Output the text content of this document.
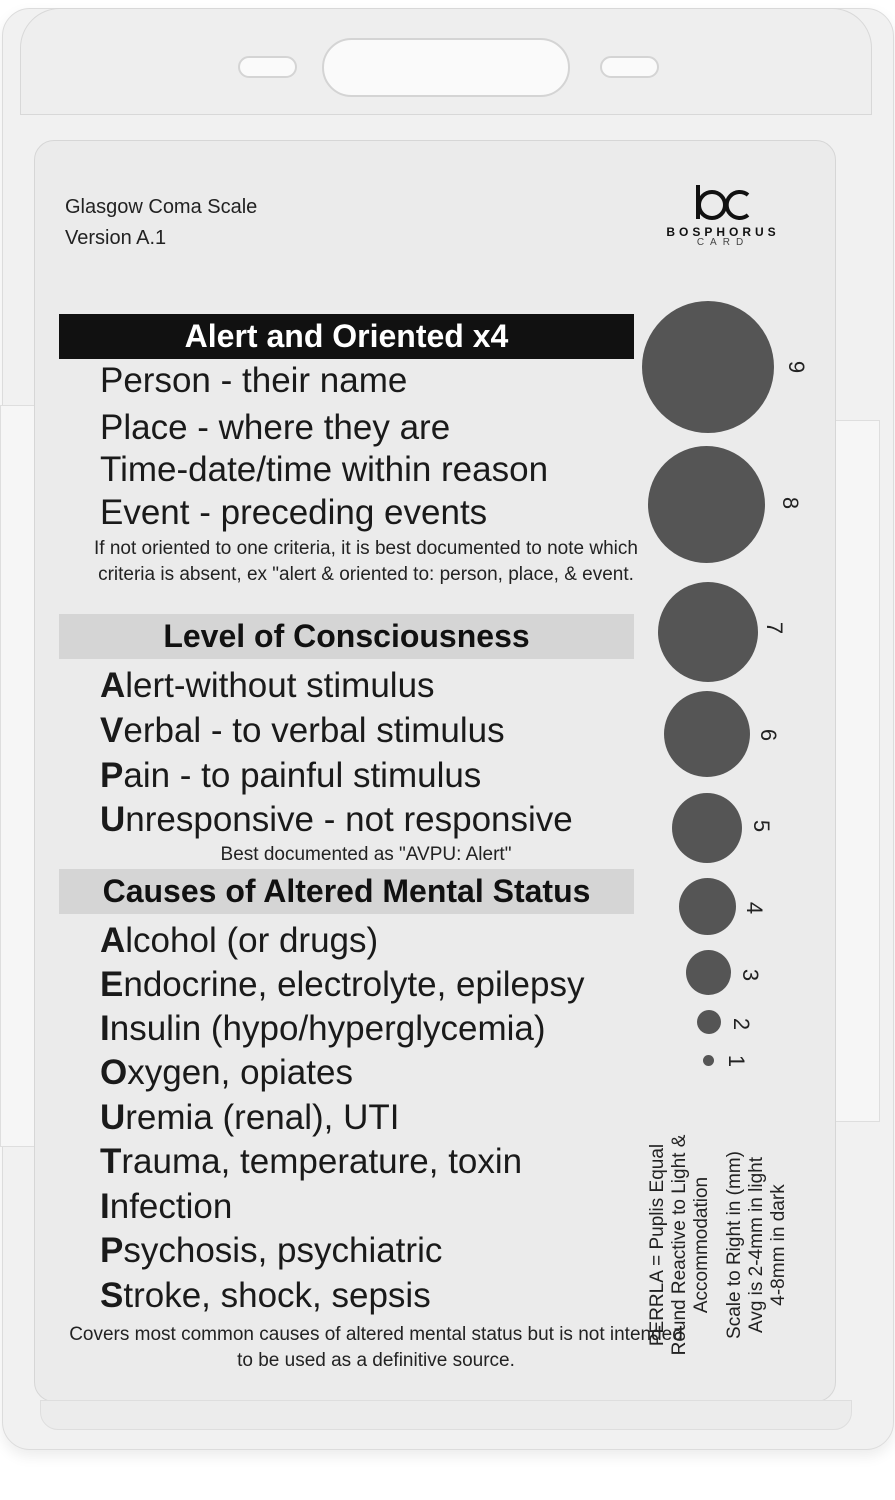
Glasgow Coma Scale
Version A.1	BOSPHORUS
CARD
Alert and Oriented x4
Person - their name
Place - where they are
Time-date/time within reason
Event - preceding events
If not oriented to one criteria, it is best documented to note which criteria is absent, ex "alert & oriented to: person, place, & event.
Level of Consciousness
Alert-without stimulus
Verbal - to verbal stimulus
Pain - to painful stimulus
Unresponsive - not responsive
Best documented as "AVPU: Alert"
Causes of Altered Mental Status
Alcohol (or drugs)
Endocrine, electrolyte, epilepsy
Insulin (hypo/hyperglycemia)
Oxygen, opiates
Uremia (renal), UTI
Trauma, temperature, toxin
Infection
Psychosis, psychiatric
Stroke, shock, sepsis
Covers most common causes of altered mental status but is not intended to be used as a definitive source.
9
8
7
6
5
4
3
2
1
PERRLA = Puplis Equal Round Reactive to Light & Accommodation Scale to Right in (mm) Avg is 2-4mm in light 4-8mm in dark
